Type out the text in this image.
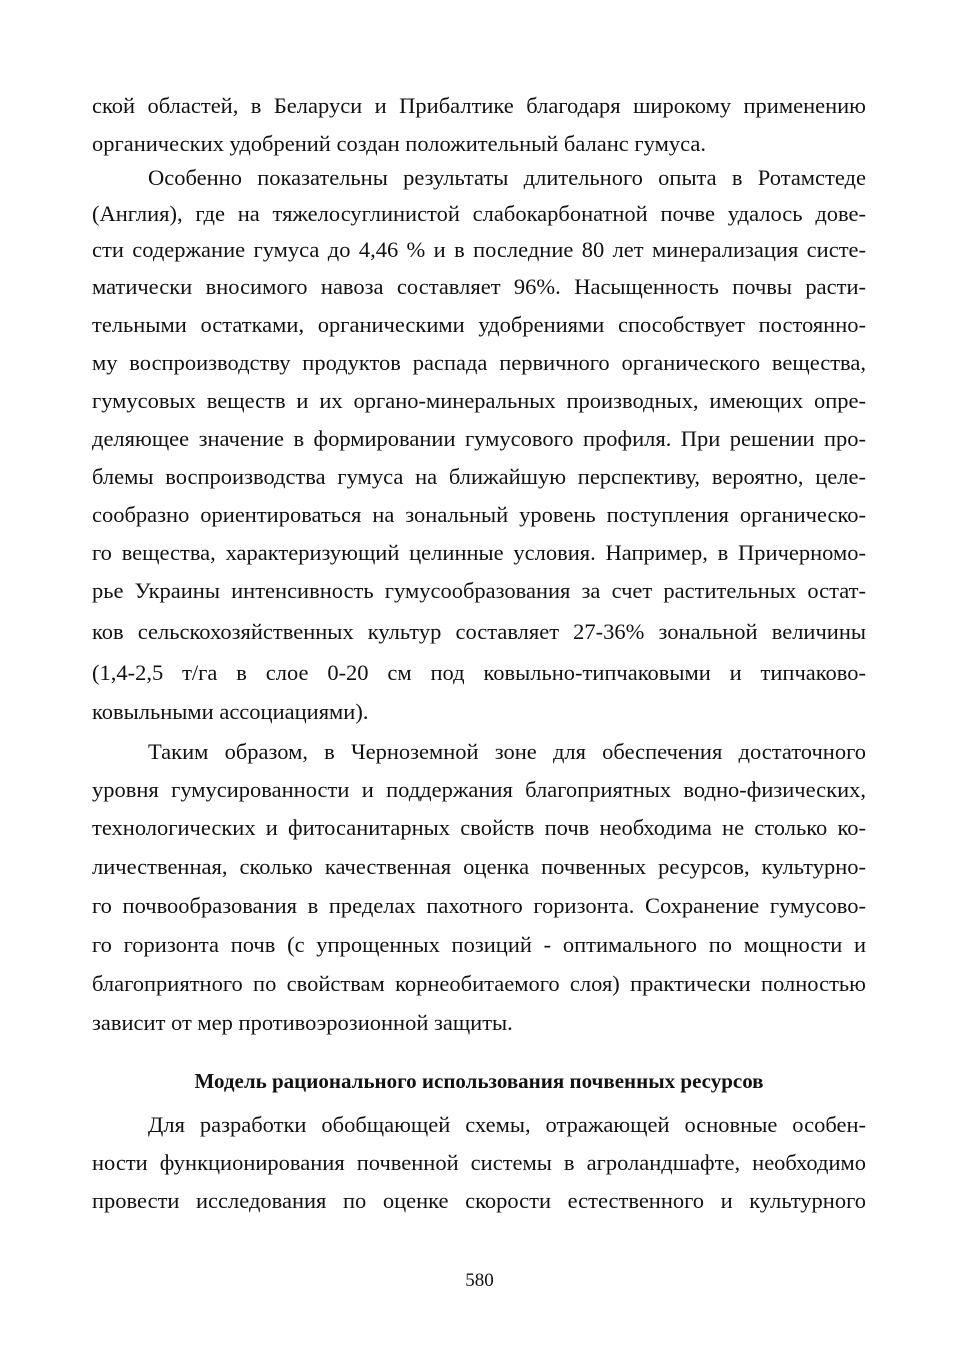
ской областей, в Беларуси и Прибалтике благодаря широкому применению
органических удобрений создан положительный баланс гумуса.
Особенно показательны результаты длительного опыта в Ротамстеде
(Англия), где на тяжелосуглинистой слабокарбонатной почве удалось дове-
сти содержание гумуса до 4,46 % и в последние 80 лет минерализация систе-
матически вносимого навоза составляет 96%. Насыщенность почвы расти-
тельными остатками, органическими удобрениями способствует постоянно-
му воспроизводству продуктов распада первичного органического вещества,
гумусовых веществ и их органо-минеральных производных, имеющих опре-
деляющее значение в формировании гумусового профиля. При решении про-
блемы воспроизводства гумуса на ближайшую перспективу, вероятно, целе-
сообразно ориентироваться на зональный уровень поступления органическо-
го вещества, характеризующий целинные условия. Например, в Причерномо-
рье Украины интенсивность гумусообразования за счет растительных остат-
ков сельскохозяйственных культур составляет 27-36% зональной величины
(1,4-2,5 т/га в слое 0-20 см под ковыльно-типчаковыми и типчаково-
ковыльными ассоциациями).
Таким образом, в Черноземной зоне для обеспечения достаточного
уровня гумусированности и поддержания благоприятных водно-физических,
технологических и фитосанитарных свойств почв необходима не столько ко-
личественная, сколько качественная оценка почвенных ресурсов, культурно-
го почвообразования в пределах пахотного горизонта. Сохранение гумусово-
го горизонта почв (с упрощенных позиций - оптимального по мощности и
благоприятного по свойствам корнеобитаемого слоя) практически полностью
зависит от мер противоэрозионной защиты.
Модель рационального использования почвенных ресурсов
Для разработки обобщающей схемы, отражающей основные особен-
ности функционирования почвенной системы в агроландшафте, необходимо
провести исследования по оценке скорости естественного и культурного
580
